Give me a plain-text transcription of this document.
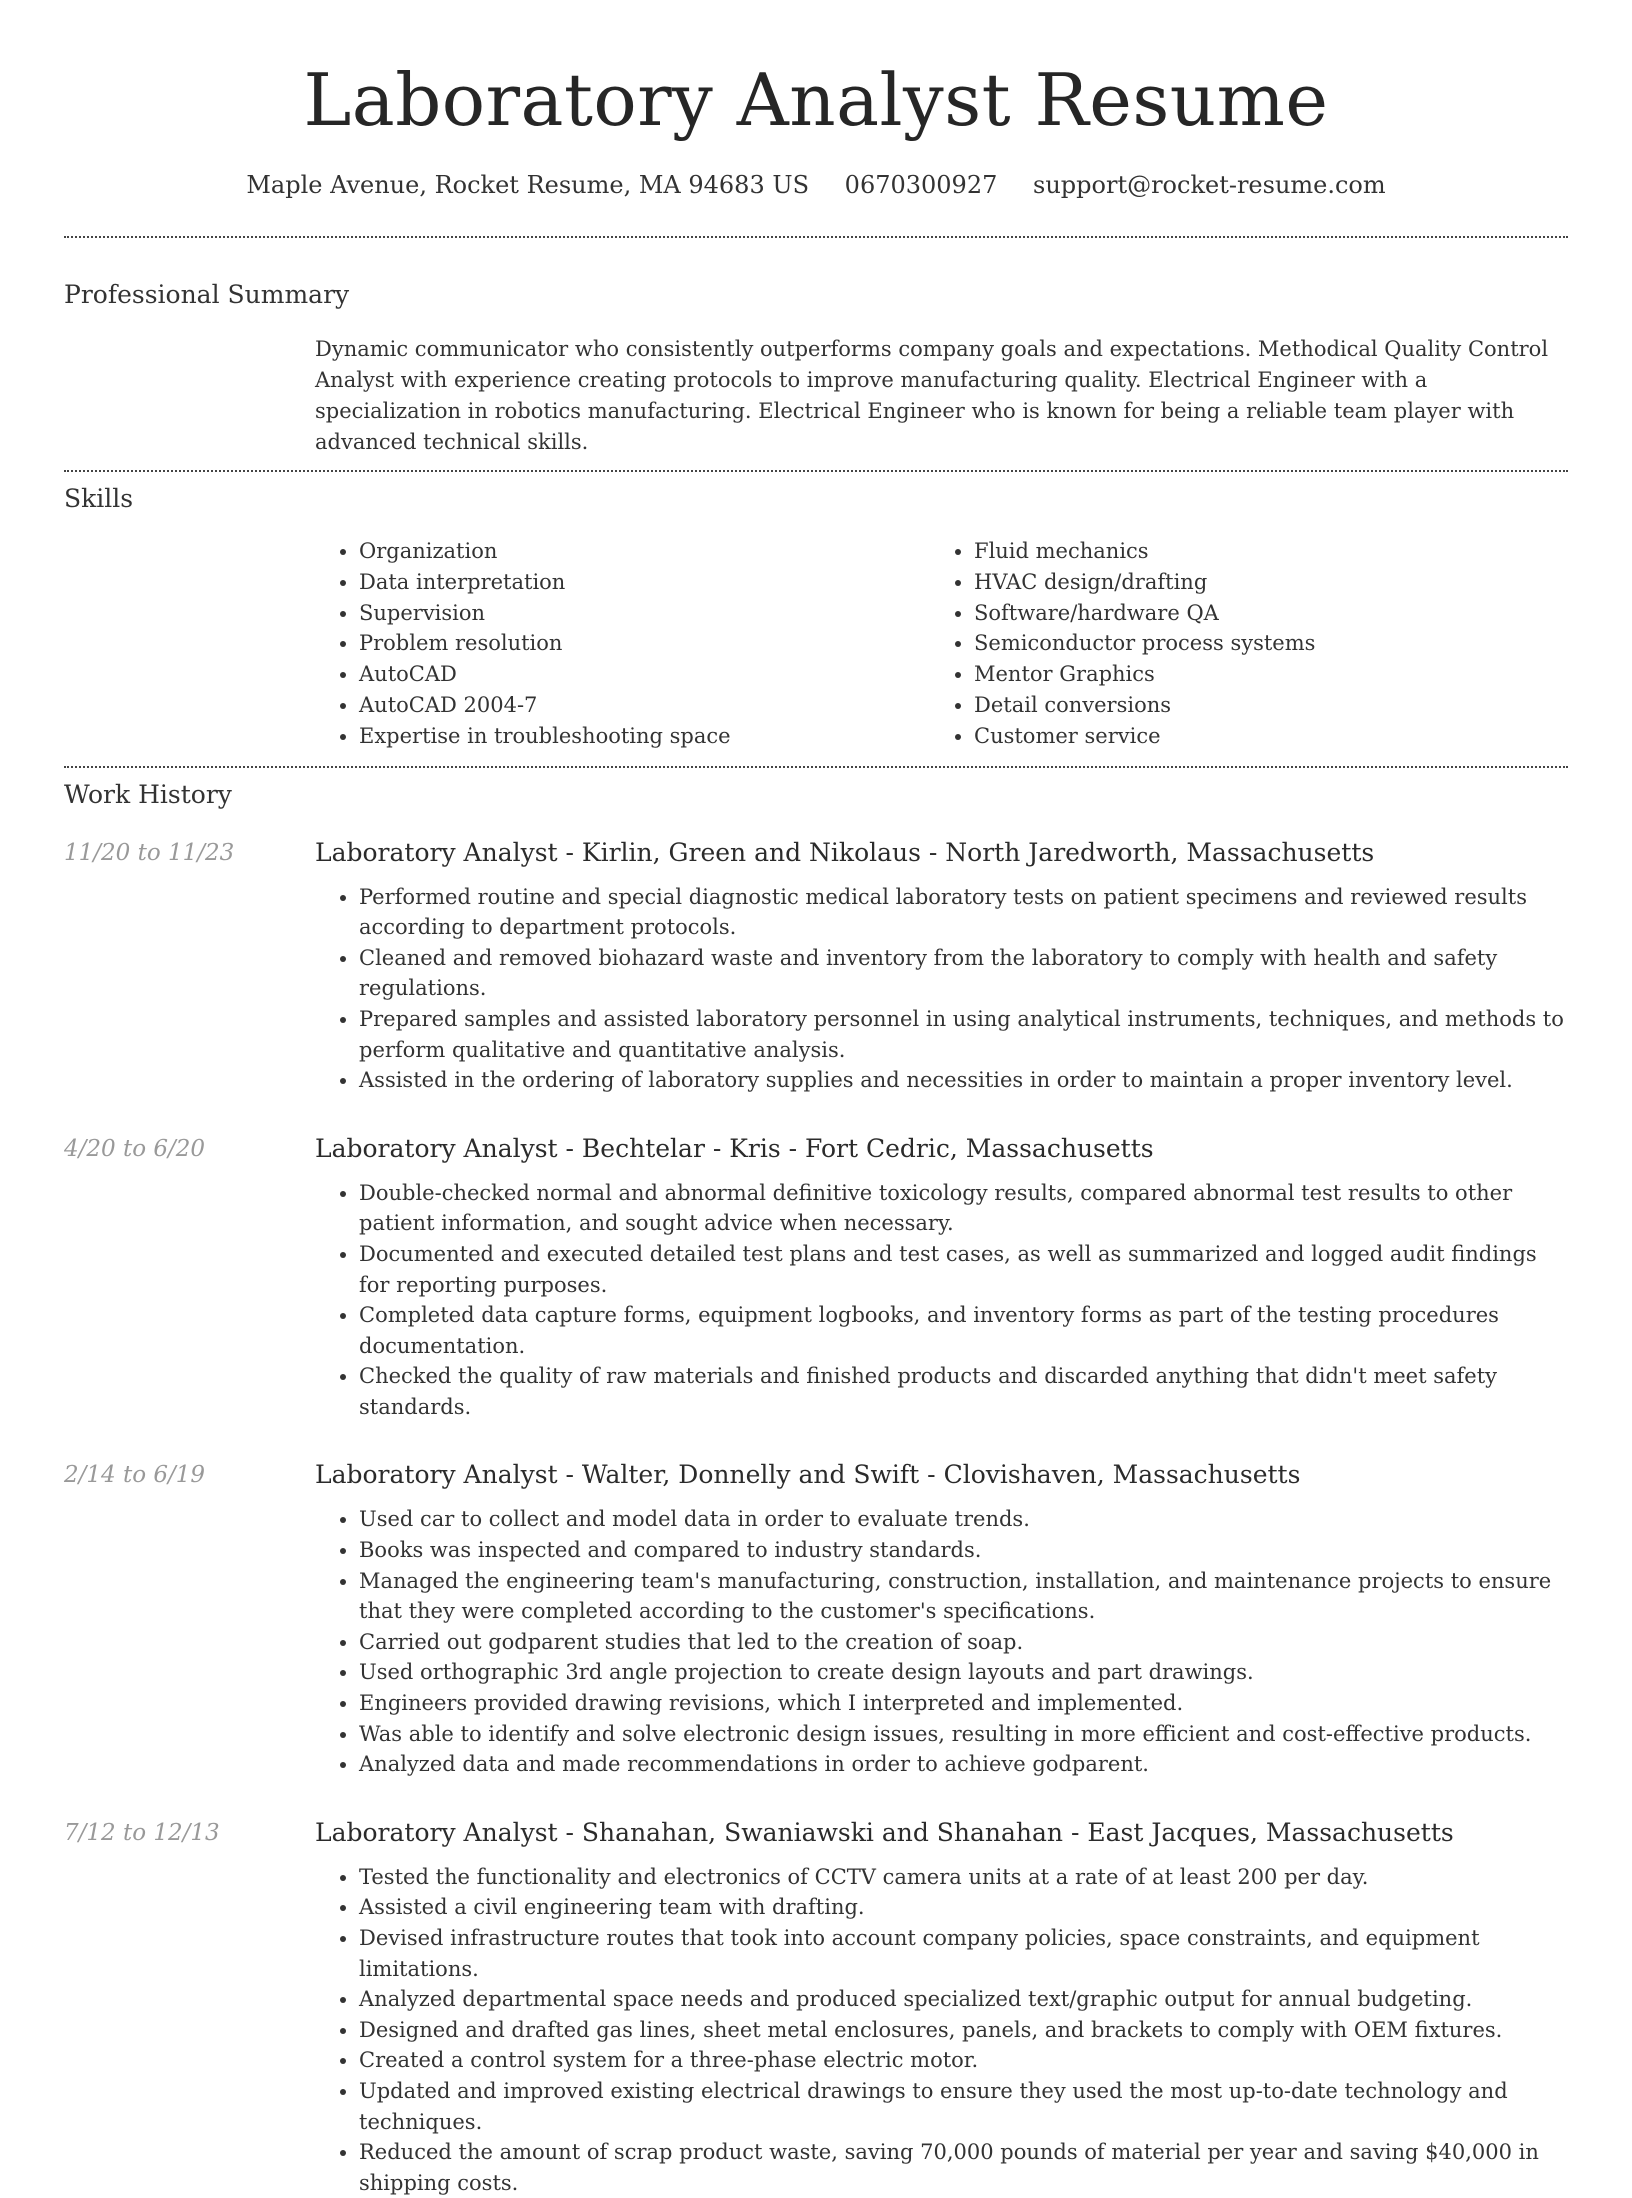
Laboratory Analyst Resume
Maple Avenue, Rocket Resume, MA 94683 US 0670300927 support@rocket-resume.com
Professional Summary
Dynamic communicator who consistently outperforms company goals and expectations. Methodical Quality Control Analyst with experience creating protocols to improve manufacturing quality. Electrical Engineer with a specialization in robotics manufacturing. Electrical Engineer who is known for being a reliable team player with advanced technical skills.
Skills
• Organization
• Data interpretation
• Supervision
• Problem resolution
• AutoCAD
• AutoCAD 2004-7
• Expertise in troubleshooting space
• Fluid mechanics
• HVAC design/drafting
• Software/hardware QA
• Semiconductor process systems
• Mentor Graphics
• Detail conversions
• Customer service
Work History
11/20 to 11/23	Laboratory Analyst - Kirlin, Green and Nikolaus - North Jaredworth, Massachusetts
• Performed routine and special diagnostic medical laboratory tests on patient specimens and reviewed results according to department protocols.
• Cleaned and removed biohazard waste and inventory from the laboratory to comply with health and safety regulations.
• Prepared samples and assisted laboratory personnel in using analytical instruments, techniques, and methods to perform qualitative and quantitative analysis.
• Assisted in the ordering of laboratory supplies and necessities in order to maintain a proper inventory level.
4/20 to 6/20	Laboratory Analyst - Bechtelar - Kris - Fort Cedric, Massachusetts
• Double-checked normal and abnormal definitive toxicology results, compared abnormal test results to other patient information, and sought advice when necessary.
• Documented and executed detailed test plans and test cases, as well as summarized and logged audit findings for reporting purposes.
• Completed data capture forms, equipment logbooks, and inventory forms as part of the testing procedures documentation.
• Checked the quality of raw materials and finished products and discarded anything that didn't meet safety standards.
2/14 to 6/19	Laboratory Analyst - Walter, Donnelly and Swift - Clovishaven, Massachusetts
• Used car to collect and model data in order to evaluate trends.
• Books was inspected and compared to industry standards.
• Managed the engineering team's manufacturing, construction, installation, and maintenance projects to ensure that they were completed according to the customer's specifications.
• Carried out godparent studies that led to the creation of soap.
• Used orthographic 3rd angle projection to create design layouts and part drawings.
• Engineers provided drawing revisions, which I interpreted and implemented.
• Was able to identify and solve electronic design issues, resulting in more efficient and cost-effective products.
• Analyzed data and made recommendations in order to achieve godparent.
7/12 to 12/13	Laboratory Analyst - Shanahan, Swaniawski and Shanahan - East Jacques, Massachusetts
• Tested the functionality and electronics of CCTV camera units at a rate of at least 200 per day.
• Assisted a civil engineering team with drafting.
• Devised infrastructure routes that took into account company policies, space constraints, and equipment limitations.
• Analyzed departmental space needs and produced specialized text/graphic output for annual budgeting.
• Designed and drafted gas lines, sheet metal enclosures, panels, and brackets to comply with OEM fixtures.
• Created a control system for a three-phase electric motor.
• Updated and improved existing electrical drawings to ensure they used the most up-to-date technology and techniques.
• Reduced the amount of scrap product waste, saving 70,000 pounds of material per year and saving $40,000 in shipping costs.
